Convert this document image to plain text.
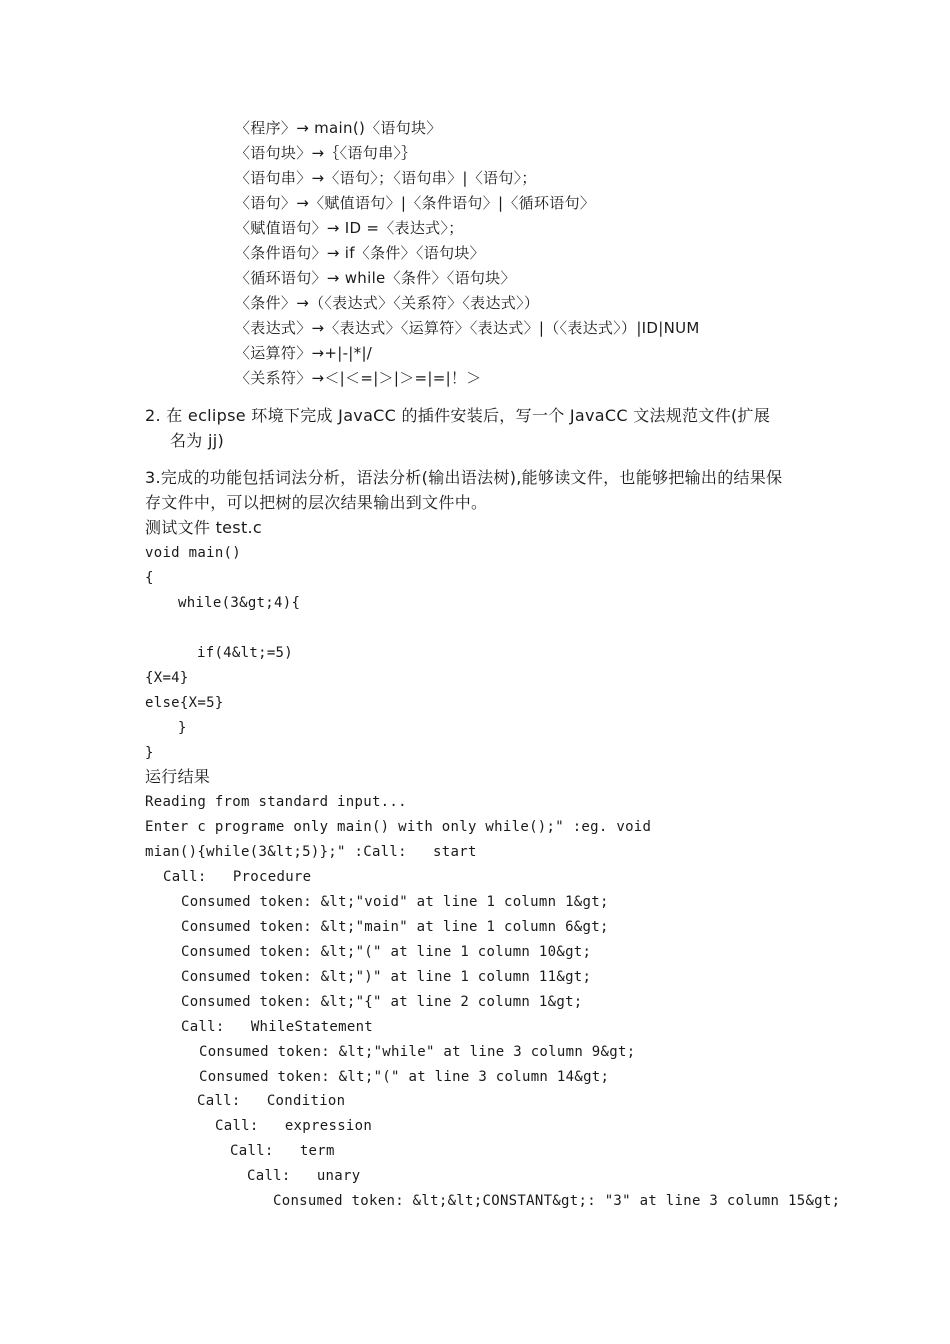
〈程序〉→ main()〈语句块〉
〈语句块〉→｛〈语句串〉｝
〈语句串〉→〈语句〉；〈语句串〉|〈语句〉；
〈语句〉→〈赋值语句〉|〈条件语句〉|〈循环语句〉
〈赋值语句〉→ ID =〈表达式〉；
〈条件语句〉→ if〈条件〉〈语句块〉
〈循环语句〉→ while〈条件〉〈语句块〉
〈条件〉→（〈表达式〉〈关系符〉〈表达式〉）
〈表达式〉→〈表达式〉〈运算符〉〈表达式〉|（〈表达式〉）|ID|NUM
〈运算符〉→+|-|*|/
〈关系符〉→＜|＜=|＞|＞=|=|！＞
2. 在 eclipse 环境下完成 JavaCC 的插件安装后，写一个 JavaCC 文法规范文件(扩展
名为 jj)
3.完成的功能包括词法分析，语法分析(输出语法树),能够读文件，也能够把输出的结果保
存文件中，可以把树的层次结果输出到文件中。
测试文件 test.c
void main()
{
while(3&gt;4){
if(4&lt;=5)
{X=4}
else{X=5}
}
}
运行结果
Reading from standard input...
Enter c programe only main() with only while();" :eg. void
mian(){while(3&lt;5)};" :Call:   start
Call:   Procedure
Consumed token: &lt;"void" at line 1 column 1&gt;
Consumed token: &lt;"main" at line 1 column 6&gt;
Consumed token: &lt;"(" at line 1 column 10&gt;
Consumed token: &lt;")" at line 1 column 11&gt;
Consumed token: &lt;"{" at line 2 column 1&gt;
Call:   WhileStatement
Consumed token: &lt;"while" at line 3 column 9&gt;
Consumed token: &lt;"(" at line 3 column 14&gt;
Call:   Condition
Call:   expression
Call:   term
Call:   unary
Consumed token: &lt;&lt;CONSTANT&gt;: "3" at line 3 column 15&gt;
